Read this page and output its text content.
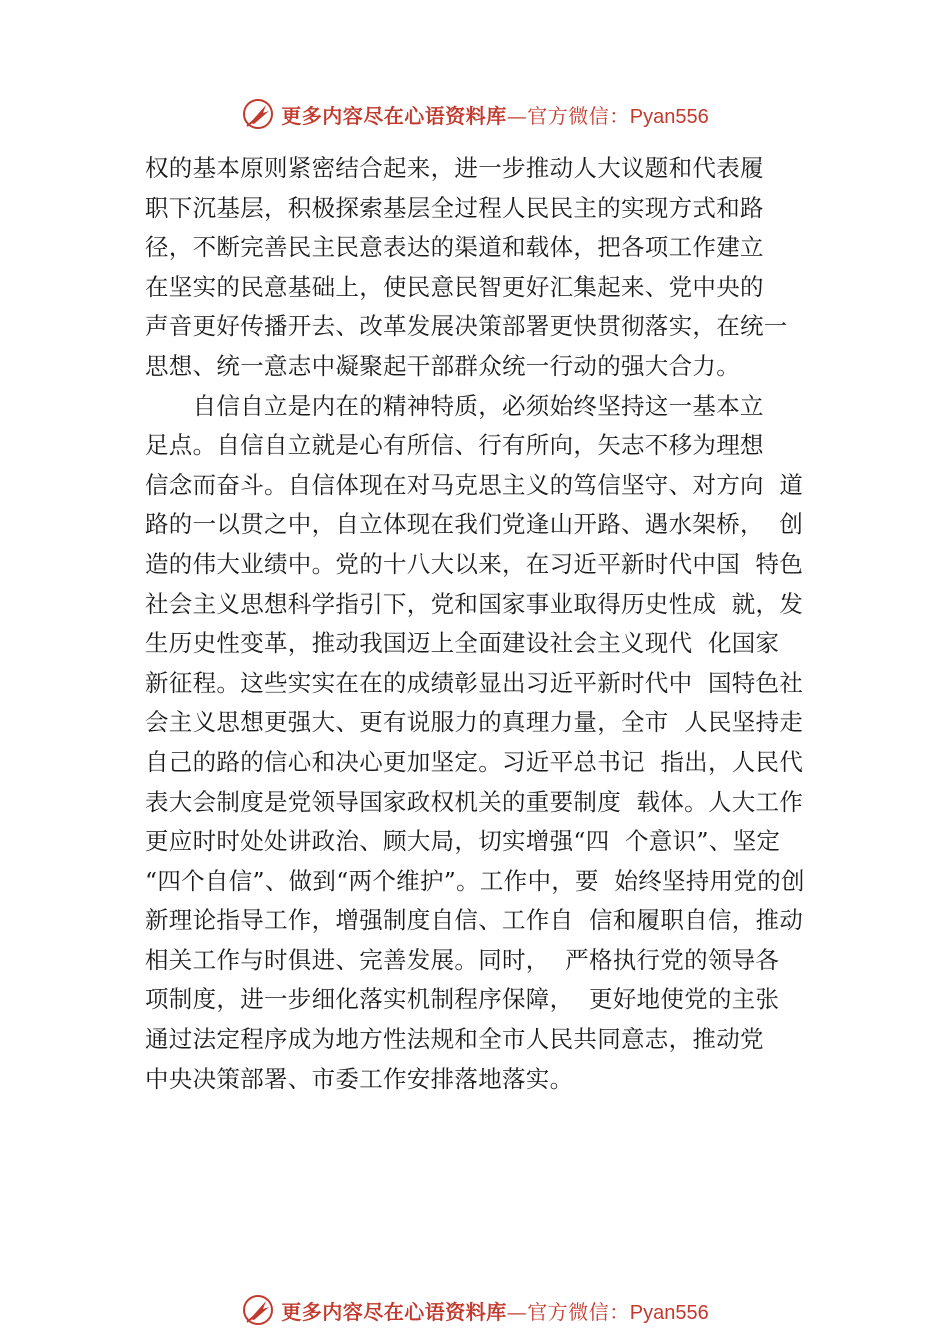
更多内容尽在心语资料库—官方微信：Pyan556
权的基本原则紧密结合起来，进一步推动人大议题和代表履
职下沉基层，积极探索基层全过程人民民主的实现方式和路
径，不断完善民主民意表达的渠道和载体，把各项工作建立
在坚实的民意基础上，使民意民智更好汇集起来、党中央的
声音更好传播开去、改革发展决策部署更快贯彻落实，在统一
思想、统一意志中凝聚起干部群众统一行动的强大合力。
　　自信自立是内在的精神特质，必须始终坚持这一基本立
足点。自信自立就是心有所信、行有所向，矢志不移为理想
信念而奋斗。自信体现在对马克思主义的笃信坚守、对方向  道
路的一以贯之中，自立体现在我们党逢山开路、遇水架桥，  创
造的伟大业绩中。党的十八大以来，在习近平新时代中国  特色
社会主义思想科学指引下，党和国家事业取得历史性成  就，发
生历史性变革，推动我国迈上全面建设社会主义现代  化国家
新征程。这些实实在在的成绩彰显出习近平新时代中  国特色社
会主义思想更强大、更有说服力的真理力量，全市  人民坚持走
自己的路的信心和决心更加坚定。习近平总书记  指出，人民代
表大会制度是党领导国家政权机关的重要制度  载体。人大工作
更应时时处处讲政治、顾大局，切实增强“四  个意识”、坚定
“四个自信”、做到“两个维护”。工作中，要  始终坚持用党的创
新理论指导工作，增强制度自信、工作自  信和履职自信，推动
相关工作与时俱进、完善发展。同时，  严格执行党的领导各
项制度，进一步细化落实机制程序保障，  更好地使党的主张
通过法定程序成为地方性法规和全市人民共同意志，推动党
中央决策部署、市委工作安排落地落实。
更多内容尽在心语资料库—官方微信：Pyan556
